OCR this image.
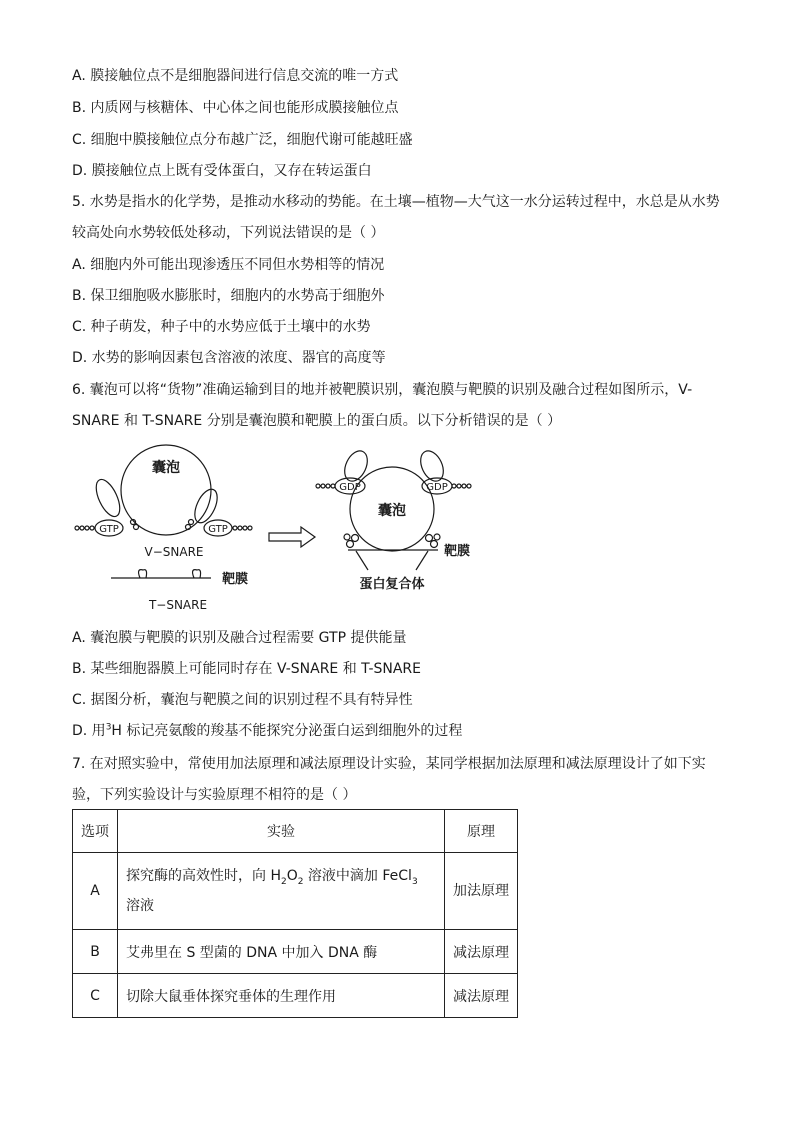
A. 膜接触位点不是细胞器间进行信息交流的唯一方式
B. 内质网与核糖体、中心体之间也能形成膜接触位点
C. 细胞中膜接触位点分布越广泛，细胞代谢可能越旺盛
D. 膜接触位点上既有受体蛋白，又存在转运蛋白
5. 水势是指水的化学势，是推动水移动的势能。在土壤—植物—大气这一水分运转过程中，水总是从水势
较高处向水势较低处移动，下列说法错误的是（ ）
A. 细胞内外可能出现渗透压不同但水势相等的情况
B. 保卫细胞吸水膨胀时，细胞内的水势高于细胞外
C. 种子萌发，种子中的水势应低于土壤中的水势
D. 水势的影响因素包含溶液的浓度、器官的高度等
6. 囊泡可以将“货物”准确运输到目的地并被靶膜识别，囊泡膜与靶膜的识别及融合过程如图所示，V-
SNARE 和 T-SNARE 分别是囊泡膜和靶膜上的蛋白质。以下分析错误的是（ ）
囊泡
GTP	GTP
V−SNARE
靶膜
T−SNARE
囊泡
GDP	GDP
靶膜
蛋白复合体
A. 囊泡膜与靶膜的识别及融合过程需要 GTP 提供能量
B. 某些细胞器膜上可能同时存在 V-SNARE 和 T-SNARE
C. 据图分析，囊泡与靶膜之间的识别过程不具有特异性
D. 用$^3$H 标记亮氨酸的羧基不能探究分泌蛋白运到细胞外的过程
7. 在对照实验中，常使用加法原理和减法原理设计实验，某同学根据加法原理和减法原理设计了如下实
验，下列实验设计与实验原理不相符的是（ ）
选项	实验	原理
A	探究酶的高效性时，向 $H_2O_2$ 溶液中滴加 FeCl$_3$ 溶液	加法原理
B	艾弗里在 S 型菌的 DNA 中加入 DNA 酶	减法原理
C	切除大鼠垂体探究垂体的生理作用	减法原理
